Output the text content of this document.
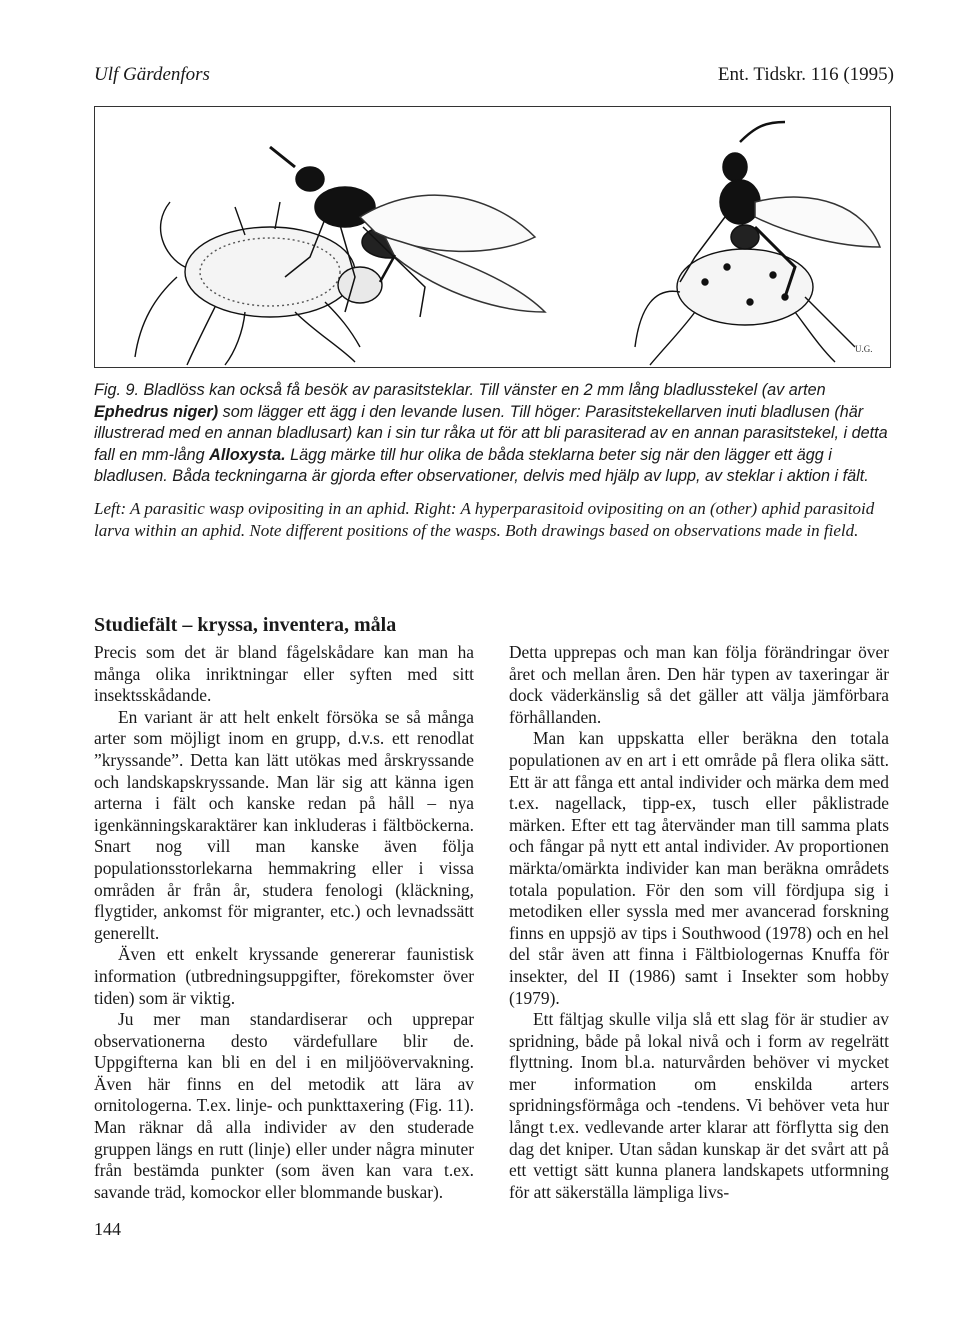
Ulf Gärdenfors	Ent. Tidskr. 116 (1995)
U.G.
Fig. 9. Bladlöss kan också få besök av parasitsteklar. Till vänster en 2 mm lång bladlusstekel (av arten Ephedrus niger) som lägger ett ägg i den levande lusen. Till höger: Parasitstekellarven inuti bladlusen (här illustrerad med en annan bladlusart) kan i sin tur råka ut för att bli parasiterad av en annan parasitstekel, i detta fall en mm-lång Alloxysta. Lägg märke till hur olika de båda steklarna beter sig när den lägger ett ägg i bladlusen. Båda teckningarna är gjorda efter observationer, delvis med hjälp av lupp, av steklar i aktion i fält.
Left: A parasitic wasp ovipositing in an aphid. Right: A hyperparasitoid ovipositing on an (other) aphid parasitoid larva within an aphid. Note different positions of the wasps. Both drawings based on observations made in field.
Studiefält – kryssa, inventera, måla

Precis som det är bland fågelskådare kan man ha många olika inriktningar eller syften med sitt insektsskådande.

En variant är att helt enkelt försöka se så många arter som möjligt inom en grupp, d.v.s. ett renodlat ”kryssande”. Detta kan lätt utökas med årskryssande och landskapskryssande. Man lär sig att känna igen arterna i fält och kanske redan på håll – nya igenkänningskaraktärer kan inkluderas i fältböckerna. Snart nog vill man kanske även följa populationsstorlekarna hemmakring eller i vissa områden år från år, studera fenologi (kläckning, flygtider, ankomst för migranter, etc.) och levnadssätt generellt.

Även ett enkelt kryssande genererar faunistisk information (utbredningsuppgifter, förekomster över tiden) som är viktig.

Ju mer man standardiserar och upprepar observationerna desto värdefullare blir de. Uppgifterna kan bli en del i en miljöövervakning. Även här finns en del metodik att lära av ornitologerna. T.ex. linje- och punkttaxering (Fig. 11). Man räknar då alla individer av den studerade gruppen längs en rutt (linje) eller under några minuter från bestämda punkter (som även kan vara t.ex. savande träd, komockor eller blommande buskar).

Detta upprepas och man kan följa förändringar över året och mellan åren. Den här typen av taxeringar är dock väderkänslig så det gäller att välja jämförbara förhållanden.

Man kan uppskatta eller beräkna den totala populationen av en art i ett område på flera olika sätt. Ett är att fånga ett antal individer och märka dem med t.ex. nagellack, tipp-ex, tusch eller påklistrade märken. Efter ett tag återvänder man till samma plats och fångar på nytt ett antal individer. Av proportionen märkta/omärkta individer kan man beräkna områdets totala population. För den som vill fördjupa sig i metodiken eller syssla med mer avancerad forskning finns en uppsjö av tips i Southwood (1978) och en hel del står även att finna i Fältbiologernas Knuffa för insekter, del II (1986) samt i Insekter som hobby (1979).

Ett fältjag skulle vilja slå ett slag för är studier av spridning, både på lokal nivå och i form av regelrätt flyttning. Inom bl.a. naturvården behöver vi mycket mer information om enskilda arters spridningsförmåga och -tendens. Vi behöver veta hur långt t.ex. vedlevande arter klarar att förflytta sig den dag det kniper. Utan sådan kunskap är det svårt att på ett vettigt sätt kunna planera landskapets utformning för att säkerställa lämpliga livs-

144
